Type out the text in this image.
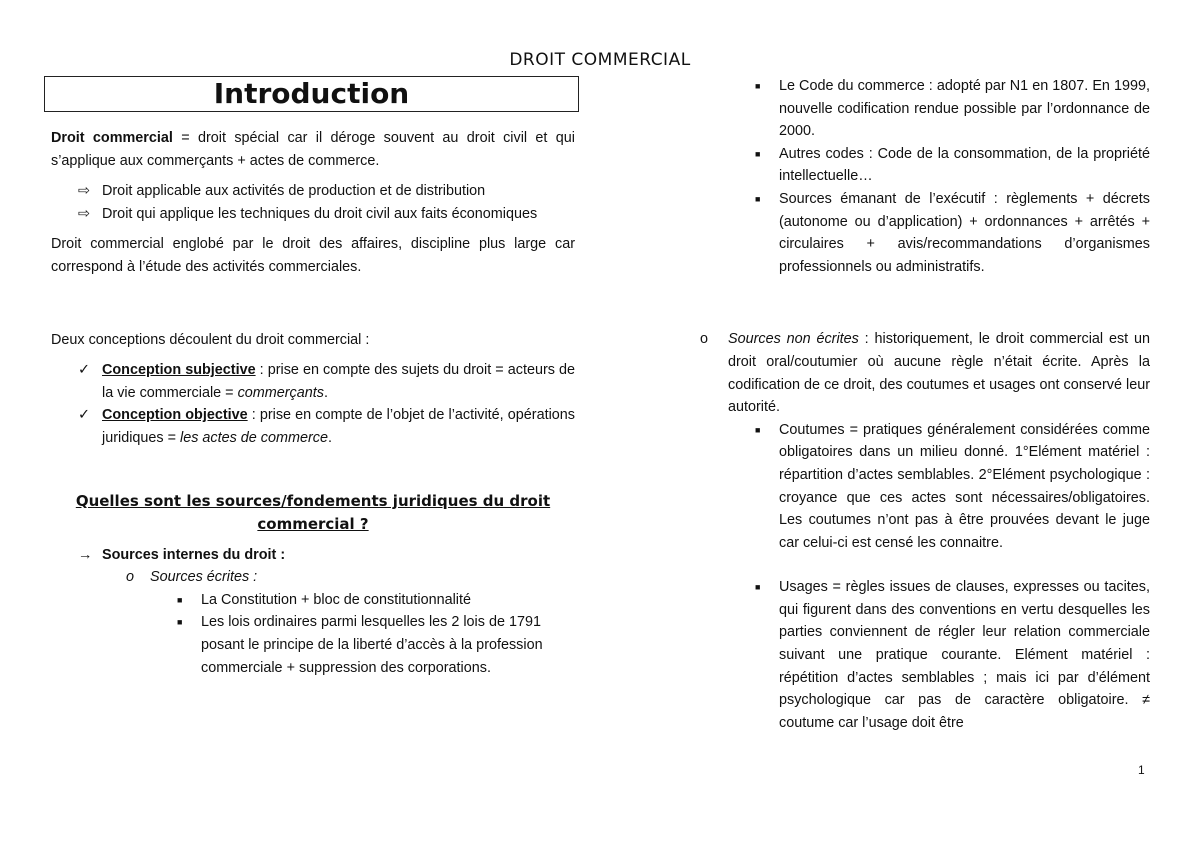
DROIT COMMERCIAL
Introduction

Droit commercial = droit spécial car il déroge souvent au droit civil et qui s’applique aux commerçants + actes de commerce.

⇨ Droit applicable aux activités de production et de distribution
⇨ Droit qui applique les techniques du droit civil aux faits économiques

Droit commercial englobé par le droit des affaires, discipline plus large car correspond à l’étude des activités commerciales.

Deux conceptions découlent du droit commercial :

✓ Conception subjective : prise en compte des sujets du droit = acteurs de la vie commerciale = commerçants.
✓ Conception objective : prise en compte de l’objet de l’activité, opérations juridiques = les actes de commerce.

Quelles sont les sources/fondements juridiques du droit commercial ?

→ Sources internes du droit :
o	Sources écrites :
■	La Constitution + bloc de constitutionnalité
■	Les lois ordinaires parmi lesquelles les 2 lois de 1791 posant le principe de la liberté d’accès à la profession commerciale + suppression des corporations.
■	Le Code du commerce : adopté par N1 en 1807. En 1999, nouvelle codification rendue possible par l’ordonnance de 2000.
■	Autres codes : Code de la consommation, de la propriété intellectuelle…
■	Sources émanant de l’exécutif : règlements + décrets (autonome ou d’application) + ordonnances + arrêtés + circulaires + avis/recommandations d’organismes professionnels ou administratifs.
o	Sources non écrites : historiquement, le droit commercial est un droit oral/coutumier où aucune règle n’était écrite. Après la codification de ce droit, des coutumes et usages ont conservé leur autorité.
■	Coutumes = pratiques généralement considérées comme obligatoires dans un milieu donné. 1°Elément matériel : répartition d’actes semblables. 2°Elément psychologique : croyance que ces actes sont nécessaires/obligatoires. Les coutumes n’ont pas à être prouvées devant le juge car celui-ci est censé les connaitre.
■	Usages = règles issues de clauses, expresses ou tacites, qui figurent dans des conventions en vertu desquelles les parties conviennent de régler leur relation commerciale suivant une pratique courante. Elément matériel : répétition d’actes semblables ; mais ici par d’élément psychologique car pas de caractère obligatoire. ≠ coutume car l’usage doit être
1
